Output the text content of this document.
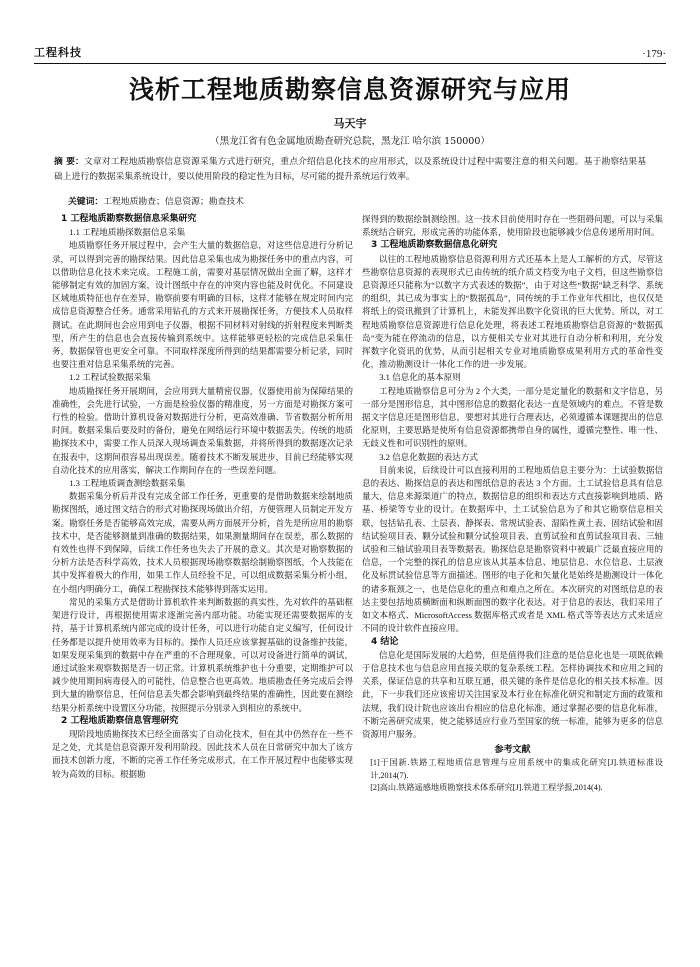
工程科技	·179·
浅析工程地质勘察信息资源研究与应用
马天宇
（黑龙江省有色金属地质勘查研究总院，黑龙江 哈尔滨 150000）
摘 要：文章对工程地质勘察信息资源采集方式进行研究，重点介绍信息化技术的应用形式，以及系统设计过程中需要注意的相关问题。基于勘察结果基础上进行的数据采集系统设计，要以使用阶段的稳定性为目标，尽可能的提升系统运行效率。
关键词：工程地质勘查；信息资源；勘查技术
1 工程地质勘察数据信息采集研究
1.1 工程地质勘探数据信息采集

地质勘察任务开展过程中，会产生大量的数据信息，对这些信息进行分析记录，可以得到完善的勘探结果。因此信息采集也成为勘探任务中的重点内容，可以借助信息化技术来完成。工程施工前，需要对基层情况做出全面了解，这样才能够制定有效的加固方案，设计图纸中存在的冲突内容也能及时优化。不同建设区域地质特征也存在差异，勘察前要有明确的目标，这样才能够在规定时间内完成信息资源整合任务。通常采用钻孔的方式来开展勘探任务，方便技术人员取样测试。在此期间也会应用到电子仪器，根据不同材料对射线的折射程度来判断类型，所产生的信息也会直接传输到系统中。这样能够更轻松的完成信息采集任务，数据保管也更安全可靠。不同取样深度所得到的结果都需要分析记录，同时也要注重对信息采集系统的完善。

1.2 工程试验数据采集

地质勘探任务开展期间，会应用到大量精密仪器，仪器使用前为保障结果的准确性，会先进行试验，一方面是检验仪器的精准度，另一方面是对勘探方案可行性的检验。借助计算机设备对数据进行分析，更高效准确、节省数据分析所用时间。数据采集后要及时的备份，避免在网络运行环境中数据丢失。传统的地质勘探技术中，需要工作人员深入现场调查采集数据，并将所得到的数据逐次记录在报表中，这期间很容易出现误差。随着技术不断发展进步，目前已经能够实现自动化技术的应用落实，解决工作期间存在的一些误差问题。

1.3 工程地质调查测绘数据采集

数据采集分析后并没有完成全部工作任务，更重要的是借助数据来绘制地质勘探图纸，通过图文结合的形式对勘探现场做出介绍，方便管理人员制定开发方案。勘察任务是否能够高效完成，需要从两方面展开分析，首先是所应用的勘察技术中，是否能够测量到准确的数据结果，如果测量期间存在误差，那么数据的有效性也得不到保障，后续工作任务也失去了开展的意义。其次是对勘察数据的分析方法是否科学高效，技术人员根据现场勘察数据绘制勘察图纸，个人技能在其中发挥着极大的作用，如果工作人员经验不足，可以组成数据采集分析小组，在小组内明确分工，确保工程勘探技术能够得到落实运用。

常见的采集方式是借助计算机软件来判断数据的真实性，先对软件的基础框架进行设计，再根据使用需求逐渐完善内部功能。功能实现还需要数据库的支持，基于计算机系统内部完成的设计任务，可以进行功能自定义编写，任何设计任务都是以提升使用效率为目标的。操作人员还应该掌握基础的设备维护技能，如果发现采集到的数据中存在严重的不合理现象，可以对设备进行简单的调试，通过试验来观察数据是否一切正常。计算机系统维护也十分重要，定期维护可以减少使用期间病毒侵入的可能性，信息整合也更高效。地质勘查任务完成后会得到大量的勘察信息，任何信息丢失都会影响到最终结果的准确性，因此要在测绘结果分析系统中设置区分功能，按照提示分别录入到相应的系统中。

2 工程地质勘察信息管理研究

现阶段地质勘探技术已经全面落实了自动化技术，但在其中仍然存在一些不足之处，尤其是信息资源开发利用阶段。因此技术人员在日常研究中加大了该方面技术创新力度，不断的完善工作任务完成形式，在工作开展过程中也能够实现较为高效的目标。根据勘

探得到的数据绘制测绘图。这一技术目前使用时存在一些阻碍问题，可以与采集系统结合研究，形成完善的功能体系，使用阶段也能够减少信息传递所用时间。

3 工程地质勘察数据信息化研究

以往的工程地质勘察信息资源利用方式还基本上是人工解析的方式，尽管这些勘察信息资源的表现形式已由传统的纸介质文档变为电子文档，但这些勘察信息资源还只能称为“以数字方式表述的数据”，由于对这些“数据”缺乏科学、系统的组织，其已成为事实上的“数据孤岛”，同传统的手工作业年代相比，也仅仅是将纸上的资讯搬到了计算机上，未能发挥出数字化资讯的巨大优势。所以，对工程地质勘察信息资源进行信息化处理，将表述工程地质勘察信息资源的“数据孤岛”变为能在停流动的信息，以方便相关专业对其进行自动分析和利用，充分发挥数字化资讯的优势，从而引起相关专业对地质勘察成果利用方式的革命性变化，推动勘测设计一体化工作的进一步发展。

3.1 信息化的基本原则

工程地质勘察信息可分为 2 个大类，一部分是定量化的数据和文字信息，另一部分是图形信息，其中图形信息的数据化表达一直是领域内的难点。不管是数据文字信息还是图形信息，要想对其进行合理表达，必须遵循本课题提出的信息化原则，主要思路是使所有信息资源都携带自身的属性，遵循完整性、唯一性、无歧义性和可识别性的原则。

3.2 信息化数据的表达方式

目前来说，后续设计可以直接利用的工程地质信息主要分为：土试验数据信息的表达、勘探信息的表达和图纸信息的表达 3 个方面。土工试验信息具有信息量大，信息来源渠道广的特点，数据信息的组织和表达方式直接影响到地质、路基、桥梁等专业的设计。在数据库中，土工试验信息为了和其它勘察信息相关联，包括钻孔表、土层表、静探表、常规试验表、湿陷性黄土表、固结试验和固结试验项目表、颗分试验和颗分试验项目表、直剪试验和直剪试验项目表、三轴试验和三轴试验项目表等数据表。勘探信息是勘察资料中被最广泛最直接应用的信息，一个完整的探孔的信息应该从其基本信息、地层信息、水位信息、土层液化及标贯试验信息等方面描述。图形的电子化和矢量化是始终是勘测设计一体化的诸多瓶颈之一，也是信息化的重点和难点之所在。本次研究的对图纸信息的表达主要包括地质横断面和纵断面图的数字化表达。对于信息的表达，我们采用了如文本格式、MicrosoftAccess 数据库格式或者是 XML 格式等等表达方式来适应不同的设计软件直接应用。

4 结论

信息化是国际发展的大趋势，但是值得我们注意的是信息化也是一项既依赖于信息技术也与信息应用直接关联的复杂系统工程。怎样协调技术和应用之间的关系，保证信息的共享和互联互通，很关键的条件是信息化的相关技术标准。因此，下一步我们还应该密切关注国家及本行业在标准化研究和制定方面的政策和法规，我们设计院也应该出台相应的信息化标准，通过掌握必要的信息化标准，不断完善研究成果，使之能够适应行业乃至国家的统一标准，能够为更多的信息资源用户服务。

参考文献

[1]于国新.铁路工程地质信息管理与应用系统中的集成化研究[J].铁道标准设计,2014(7).

[2]高山.铁路遥感地质勘察技术体系研究[J].铁道工程学报,2014(4).
